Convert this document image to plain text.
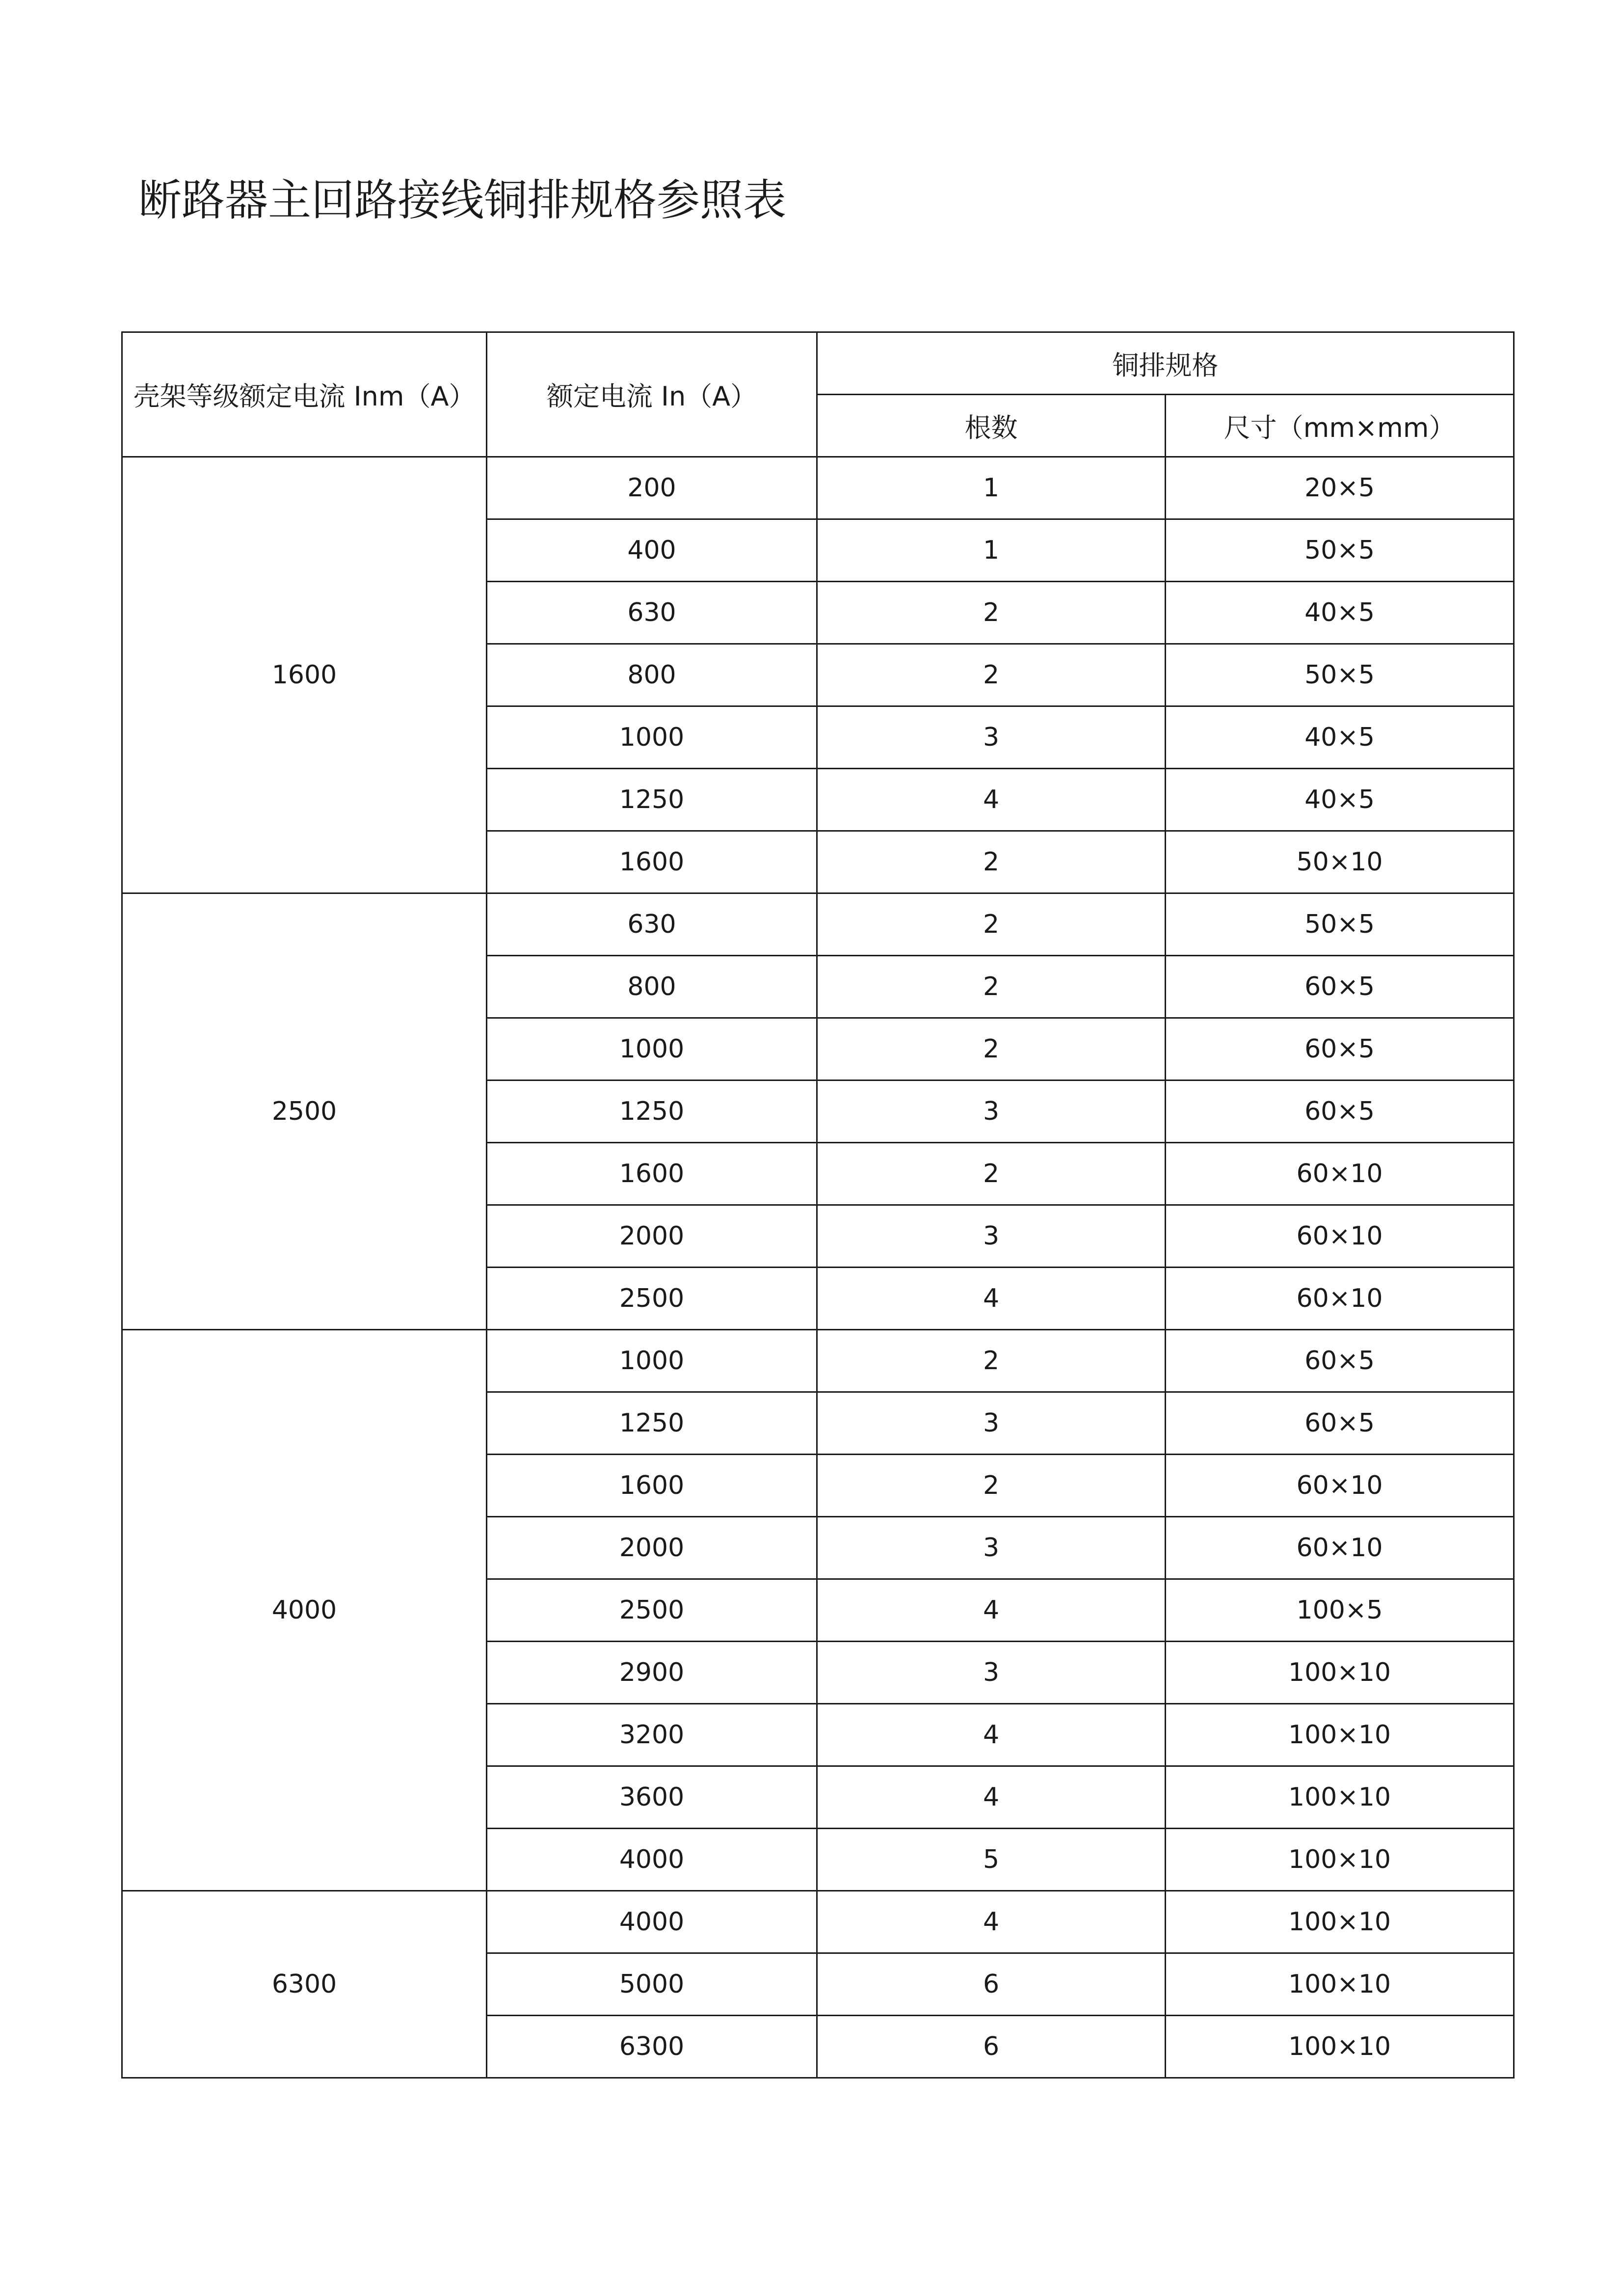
断路器主回路接线铜排规格参照表
壳架等级额定电流 Inm（A）	额定电流 In（A）	铜排规格	
		根数	尺寸（mm×mm）
1600	200	1	20×5
	400	1	50×5
	630	2	40×5
	800	2	50×5
	1000	3	40×5
	1250	4	40×5
	1600	2	50×10
2500	630	2	50×5
	800	2	60×5
	1000	2	60×5
	1250	3	60×5
	1600	2	60×10
	2000	3	60×10
	2500	4	60×10
4000	1000	2	60×5
	1250	3	60×5
	1600	2	60×10
	2000	3	60×10
	2500	4	100×5
	2900	3	100×10
	3200	4	100×10
	3600	4	100×10
	4000	5	100×10
6300	4000	4	100×10
	5000	6	100×10
	6300	6	100×10
